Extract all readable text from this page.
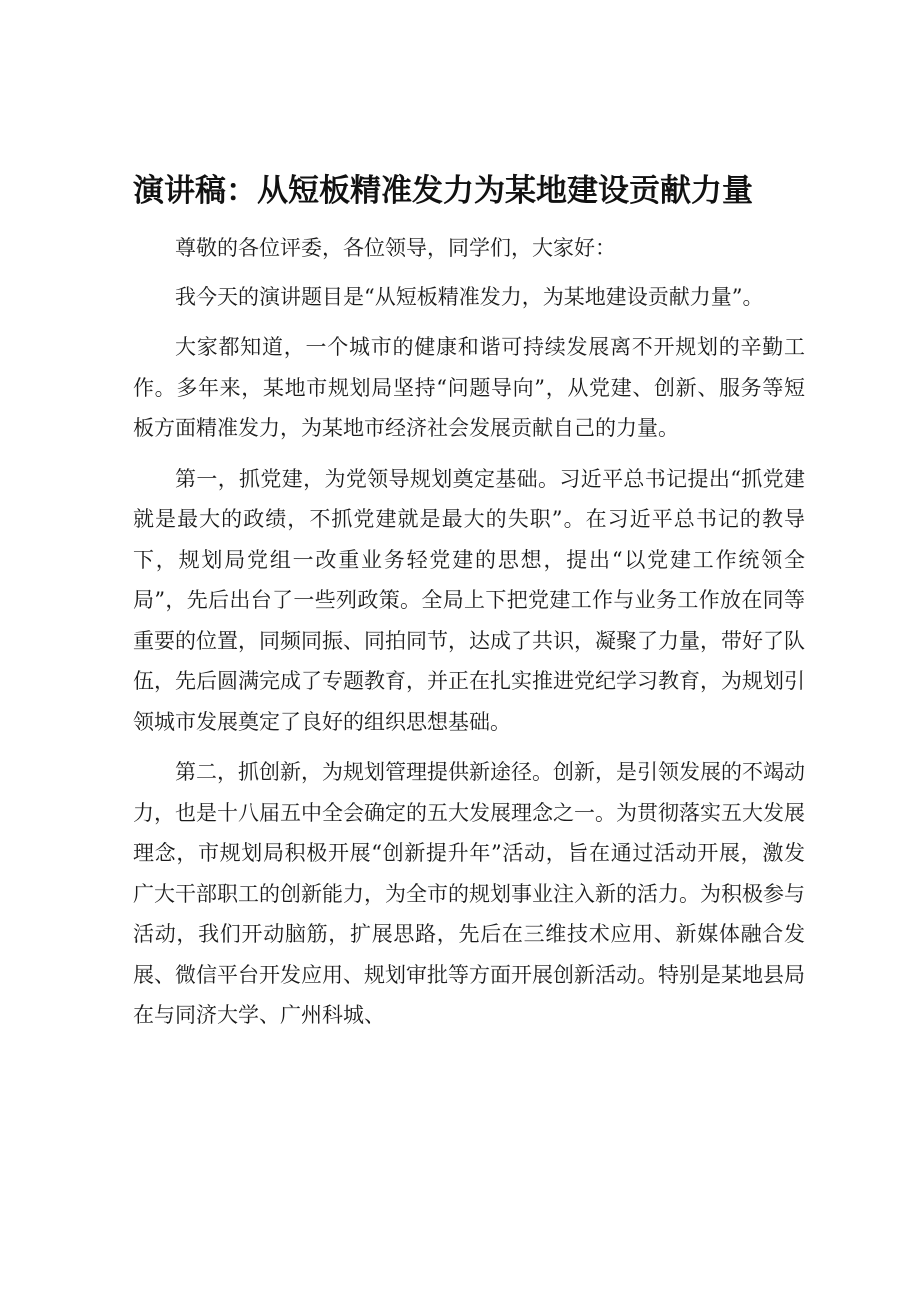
演讲稿：从短板精准发力为某地建设贡献力量

尊敬的各位评委，各位领导，同学们，大家好：

我今天的演讲题目是“从短板精准发力，为某地建设贡献力量”。

大家都知道，一个城市的健康和谐可持续发展离不开规划的辛勤工作。多年来，某地市规划局坚持“问题导向”，从党建、创新、服务等短板方面精准发力，为某地市经济社会发展贡献自己的力量。

第一，抓党建，为党领导规划奠定基础。习近平总书记提出“抓党建就是最大的政绩，不抓党建就是最大的失职”。在习近平总书记的教导下，规划局党组一改重业务轻党建的思想，提出“以党建工作统领全局”，先后出台了一些列政策。全局上下把党建工作与业务工作放在同等重要的位置，同频同振、同拍同节，达成了共识，凝聚了力量，带好了队伍，先后圆满完成了专题教育，并正在扎实推进党纪学习教育，为规划引领城市发展奠定了良好的组织思想基础。

第二，抓创新，为规划管理提供新途径。创新，是引领发展的不竭动力，也是十八届五中全会确定的五大发展理念之一。为贯彻落实五大发展理念，市规划局积极开展“创新提升年”活动，旨在通过活动开展，激发广大干部职工的创新能力，为全市的规划事业注入新的活力。为积极参与活动，我们开动脑筋，扩展思路，先后在三维技术应用、新媒体融合发展、微信平台开发应用、规划审批等方面开展创新活动。特别是某地县局在与同济大学、广州科城、
